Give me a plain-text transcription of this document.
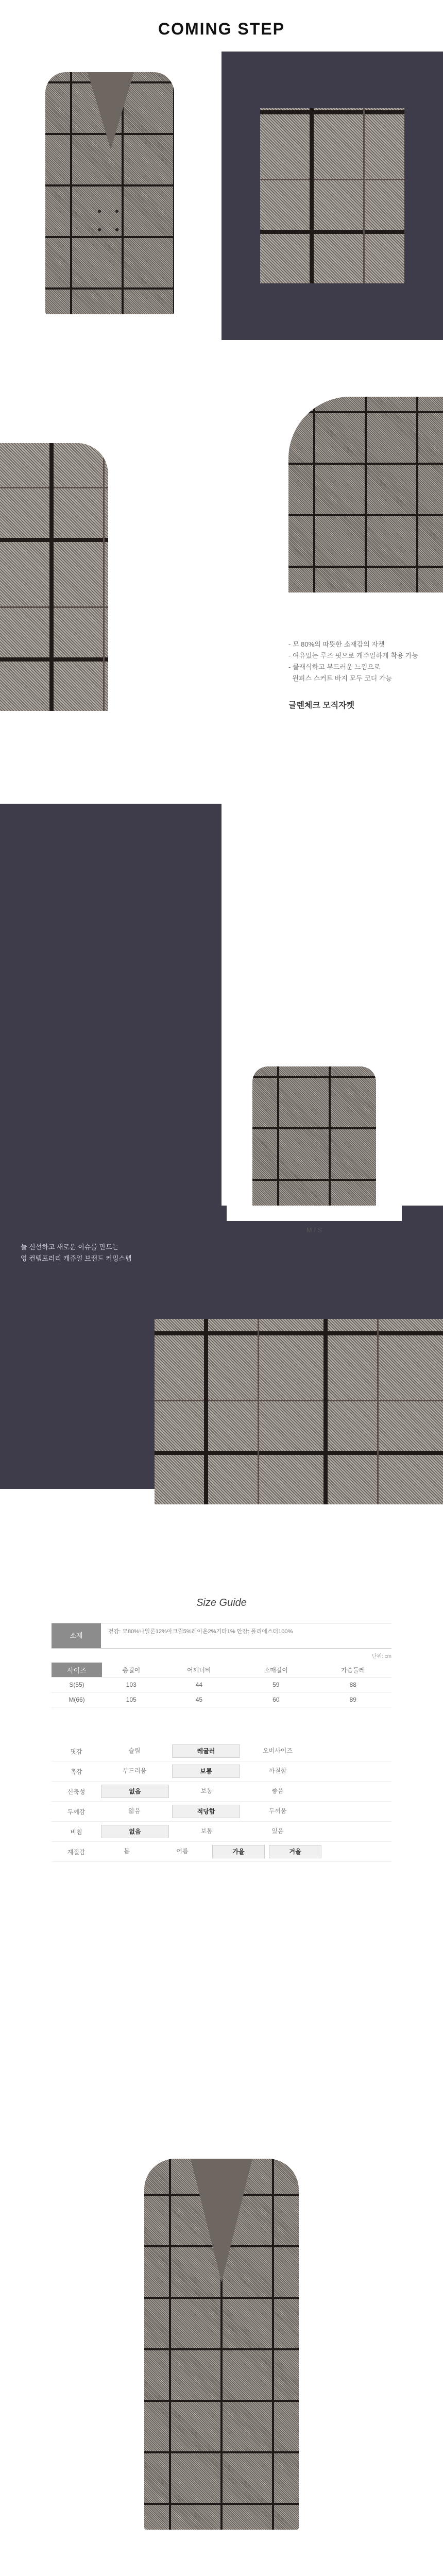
COMING STEP

- 모 80%의 따뜻한 소재감의 자켓
- 여유있는 루즈 핏으로 캐주얼하게 착용 가능
- 클래식하고 부드러운 느낌으로
원피스 스커트 바지 모두 코디 가능
글렌체크 모직자켓
늘 신선하고 새로운 이슈를 만드는
영 컨템포러리 캐쥬얼 브랜드 커밍스텝
M / S
Size Guide
소재	겉감: 모80%나일론12%아크릴5%레이온2%기타1% 안감: 폴리에스터100%
단위: cm
사이즈	총길이	어깨너비	소매길이	가슴둘레
S(55)	103	44	59	88
M(66)	105	45	60	89
핏감	슬림	레귤러	오버사이즈
촉감	부드러움	보통	까칠함
신축성	없음	보통	좋음
두께감	얇음	적당함	두꺼움
비침	없음	보통	있음
계절감	봄	여름	가을	겨울
